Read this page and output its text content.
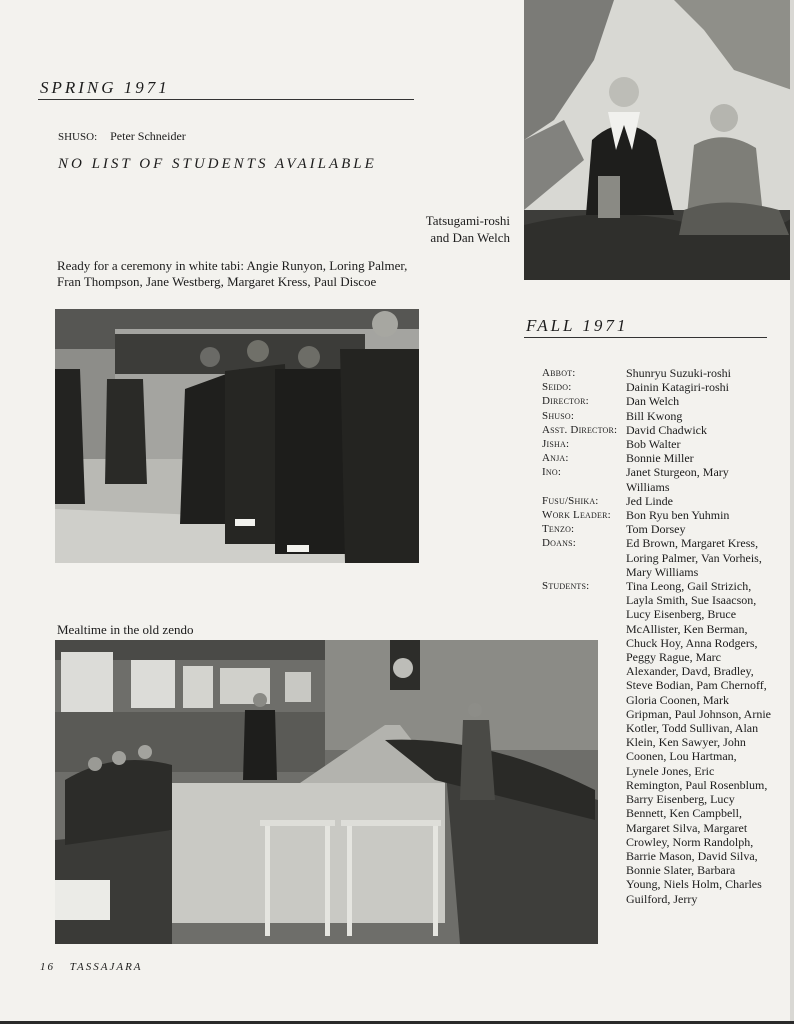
SPRING 1971
SHUSO: Peter Schneider
NO LIST OF STUDENTS AVAILABLE
Tatsugami-roshi
and Dan Welch
Ready for a ceremony in white tabi: Angie Runyon, Loring Palmer, Fran Thompson, Jane Westberg, Margaret Kress, Paul Discoe
Mealtime in the old zendo
FALL 1971
Abbot:	Shunryu Suzuki-roshi
Seido:	Dainin Katagiri-roshi
Director:	Dan Welch
Shuso:	Bill Kwong
Asst. Director: David Chadwick
Jisha:	Bob Walter
Anja:	Bonnie Miller
Ino:	Janet Sturgeon, Mary Williams
Fusu/Shika:	Jed Linde
Work Leader:	Bon Ryu ben Yuhmin
Tenzo:	Tom Dorsey
Doans:	Ed Brown, Margaret Kress, Loring Palmer, Van Vorheis, Mary Williams
Students:	Tina Leong, Gail Strizich, Layla Smith, Sue Isaacson, Lucy Eisenberg, Bruce McAllister, Ken Berman, Chuck Hoy, Anna Rodgers, Peggy Rague, Marc Alexander, Davd, Bradley, Steve Bodian, Pam Chernoff, Gloria Coonen, Mark Gripman, Paul Johnson, Arnie Kotler, Todd Sullivan, Alan Klein, Ken Sawyer, John Coonen, Lou Hartman, Lynele Jones, Eric Remington, Paul Rosenblum, Barry Eisenberg, Lucy Bennett, Ken Campbell, Margaret Silva, Margaret Crowley, Norm Randolph, Barrie Mason, David Silva, Bonnie Slater, Barbara Young, Niels Holm, Charles Guilford, Jerry
16 TASSAJARA
